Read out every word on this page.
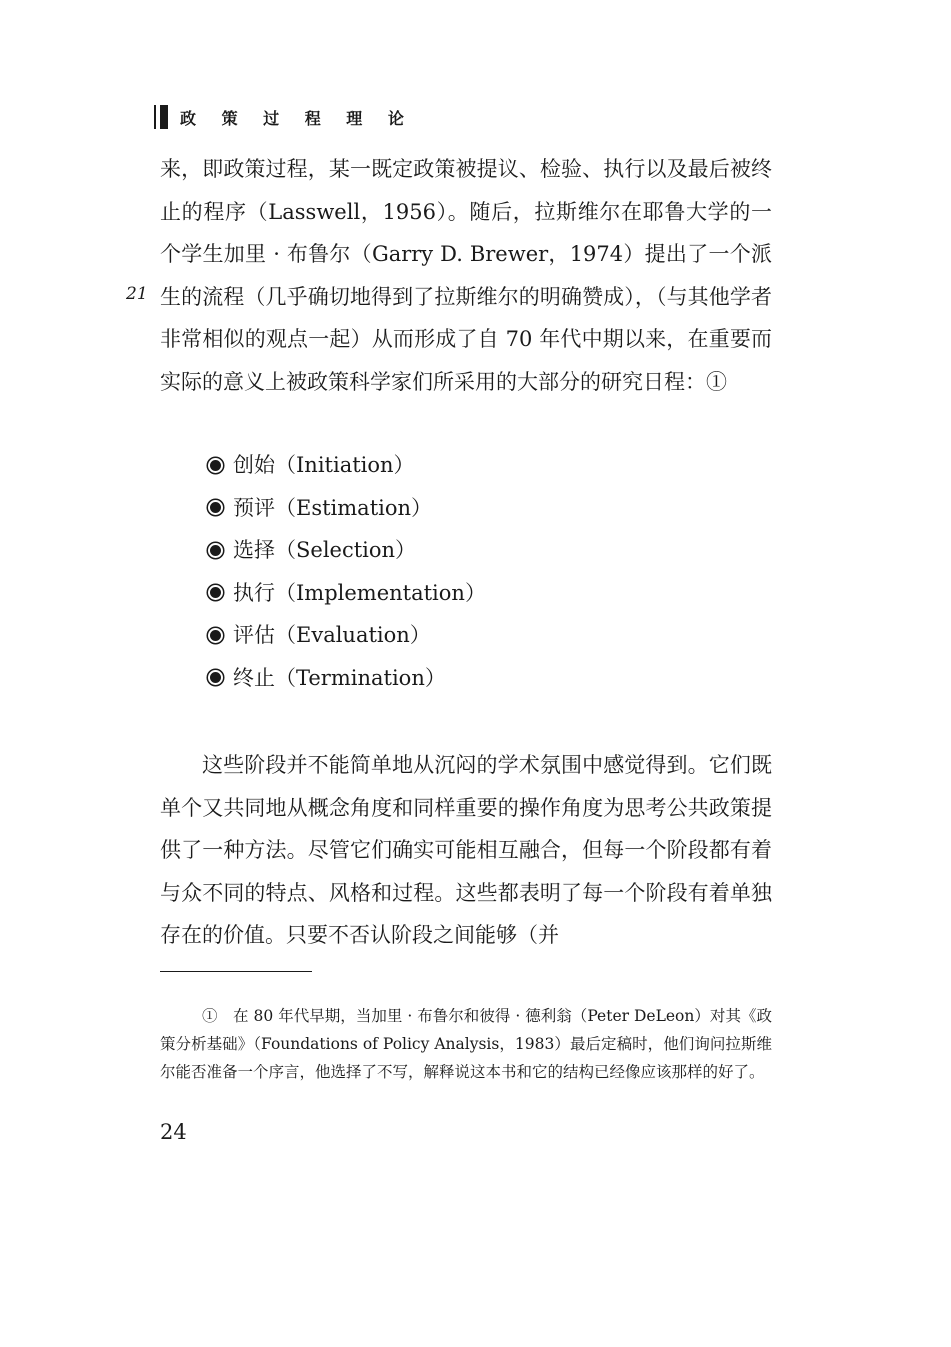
政 策 过 程 理 论
21

来，即政策过程，某一既定政策被提议、检验、执行以及最后被终止的程序（Lasswell，1956）。随后，拉斯维尔在耶鲁大学的一个学生加里 · 布鲁尔（Garry D. Brewer，1974）提出了一个派生的流程（几乎确切地得到了拉斯维尔的明确赞成），（与其他学者非常相似的观点一起）从而形成了自 70 年代中期以来，在重要而实际的意义上被政策科学家们所采用的大部分的研究日程：①

创始（Initiation）
预评（Estimation）
选择（Selection）
执行（Implementation）
评估（Evaluation）
终止（Termination）

这些阶段并不能简单地从沉闷的学术氛围中感觉得到。它们既单个又共同地从概念角度和同样重要的操作角度为思考公共政策提供了一种方法。尽管它们确实可能相互融合，但每一个阶段都有着与众不同的特点、风格和过程。这些都表明了每一个阶段有着单独存在的价值。只要不否认阶段之间能够（并

①　在 80 年代早期，当加里 · 布鲁尔和彼得 · 德利翁（Peter DeLeon）对其《政策分析基础》（Foundations of Policy Analysis，1983）最后定稿时，他们询问拉斯维尔能否准备一个序言，他选择了不写，解释说这本书和它的结构已经像应该那样的好了。

24
